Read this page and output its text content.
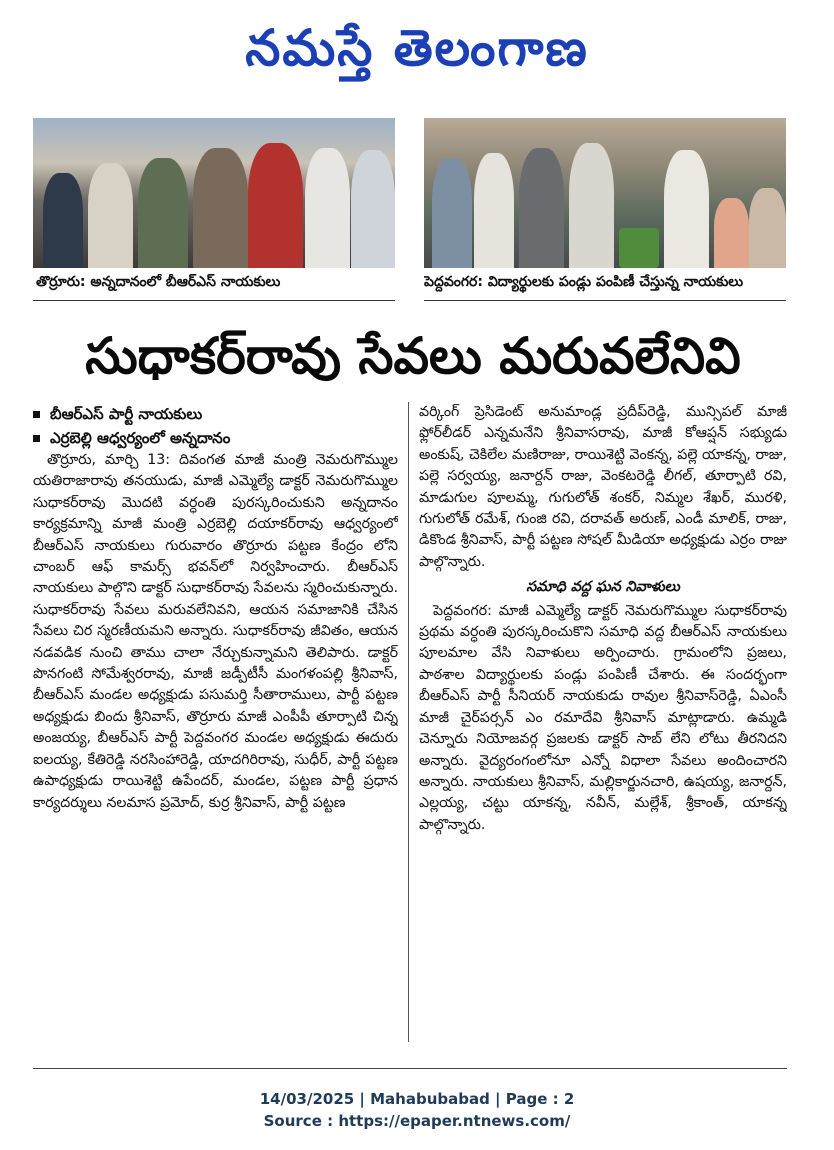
నమస్తే తెలంగాణ
తొర్రూరు: అన్నదానంలో బీఆర్ఎస్ నాయకులు	పెద్దవంగర: విద్యార్థులకు పండ్లు పంపిణీ చేస్తున్న నాయకులు
సుధాకర్‌రావు సేవలు మరువలేనివి
బీఆర్ఎస్ పార్టీ నాయకులు
ఎర్రబెల్లి ఆధ్వర్యంలో అన్నదానం

తొర్రూరు, మార్చి 13: దివంగత మాజీ మంత్రి నెమరుగొమ్ముల యతిరాజారావు తనయుడు, మాజీ ఎమ్మెల్యే డాక్టర్ నెమరుగొమ్ముల సుధాకర్‌రావు మొదటి వర్ధంతి పురస్కరించుకుని అన్నదానం కార్యక్రమాన్ని మాజీ మంత్రి ఎర్రబెల్లి దయాకర్‌రావు ఆధ్వర్యంలో బీఆర్ఎస్ నాయకులు గురువారం తొర్రూరు పట్టణ కేంద్రం లోని చాంబర్ ఆఫ్ కామర్స్ భవన్‌లో నిర్వహించారు. బీఆర్ఎస్ నాయకులు పాల్గొని డాక్టర్ సుధాకర్‌రావు సేవలను స్మరించుకున్నారు. సుధాకర్‌రావు సేవలు మరువలేనివని, ఆయన సమాజానికి చేసిన సేవలు చిర స్మరణీయమని అన్నారు. సుధాకర్‌రావు జీవితం, ఆయన నడవడిక నుంచి తాము చాలా నేర్చుకున్నామని తెలిపారు. డాక్టర్ పొనగంటి సోమేశ్వరరావు, మాజీ జడ్పీటీసీ మంగళంపల్లి శ్రీనివాస్, బీఆర్ఎస్ మండల అధ్యక్షుడు పసుమర్తి సీతారాములు, పార్టీ పట్టణ అధ్యక్షుడు బిందు శ్రీనివాస్, తొర్రూరు మాజీ ఎంపీపీ తూర్పాటి చిన్న అంజయ్య, బీఆర్ఎస్ పార్టీ పెద్దవంగర మండల అధ్యక్షుడు ఈదురు ఐలయ్య, కేతిరెడ్డి నరసింహారెడ్డి, యాదగిరిరావు, సుధీర్, పార్టీ పట్టణ ఉపాధ్యక్షుడు రాయిశెట్టి ఉపేందర్, మండల, పట్టణ పార్టీ ప్రధాన కార్యదర్శులు నలమాస ప్రమోద్, కుర్ర శ్రీనివాస్, పార్టీ పట్టణ

వర్కింగ్ ప్రెసిడెంట్ అనుమాండ్ల ప్రదీప్‌రెడ్డి, మున్సిపల్ మాజీ ఫ్లోర్‌లీడర్ ఎన్నమనేని శ్రీనివాసరావు, మాజీ కోఆప్షన్ సభ్యుడు అంకుష్, చెకిలేల మణిరాజు, రాయిశెట్టి వెంకన్న, పల్లె యాకన్న, రాజు, పల్లె సర్వయ్య, జనార్దన్ రాజు, వెంకటరెడ్డి లీగల్, తూర్పాటి రవి, మాడుగుల పూలమ్మ, గుగులోత్ శంకర్, నిమ్మల శేఖర్, మురళి, గుగులోత్ రమేశ్, గుంజి రవి, దరావత్ అరుణ్, ఎండీ మాలిక్, రాజు, డికొండ శ్రీనివాస్, పార్టీ పట్టణ సోషల్ మీడియా అధ్యక్షుడు ఎర్రం రాజు పాల్గొన్నారు.

సమాధి వద్ద ఘన నివాళులు

పెద్దవంగర: మాజీ ఎమ్మెల్యే డాక్టర్ నెమరుగొమ్ముల సుధాకర్‌రావు ప్రథమ వర్ధంతి పురస్కరించుకొని సమాధి వద్ద బీఆర్ఎస్ నాయకులు పూలమాల వేసి నివాళులు అర్పించారు. గ్రామంలోని ప్రజలు, పాఠశాల విద్యార్థులకు పండ్లు పంపిణీ చేశారు. ఈ సందర్భంగా బీఆర్ఎస్ పార్టీ సీనియర్ నాయకుడు రావుల శ్రీనివాస్‌రెడ్డి, ఏఎంసీ మాజీ చైర్‌పర్సన్ ఎం రమాదేవి శ్రీనివాస్ మాట్లాడారు. ఉమ్మడి చెన్నూరు నియోజవర్గ ప్రజలకు డాక్టర్ సాబ్ లేని లోటు తీరనిదని అన్నారు. వైద్యరంగంలోనూ ఎన్నో విధాలా సేవలు అందించారని అన్నారు. నాయకులు శ్రీనివాస్, మల్లికార్జునచారి, ఉషయ్య, జనార్దన్, ఎల్లయ్య, చట్టు యాకన్న, నవీన్, మల్లేశ్, శ్రీకాంత్, యాకన్న పాల్గొన్నారు.

14/03/2025 | Mahabubabad | Page : 2
Source : https://epaper.ntnews.com/
